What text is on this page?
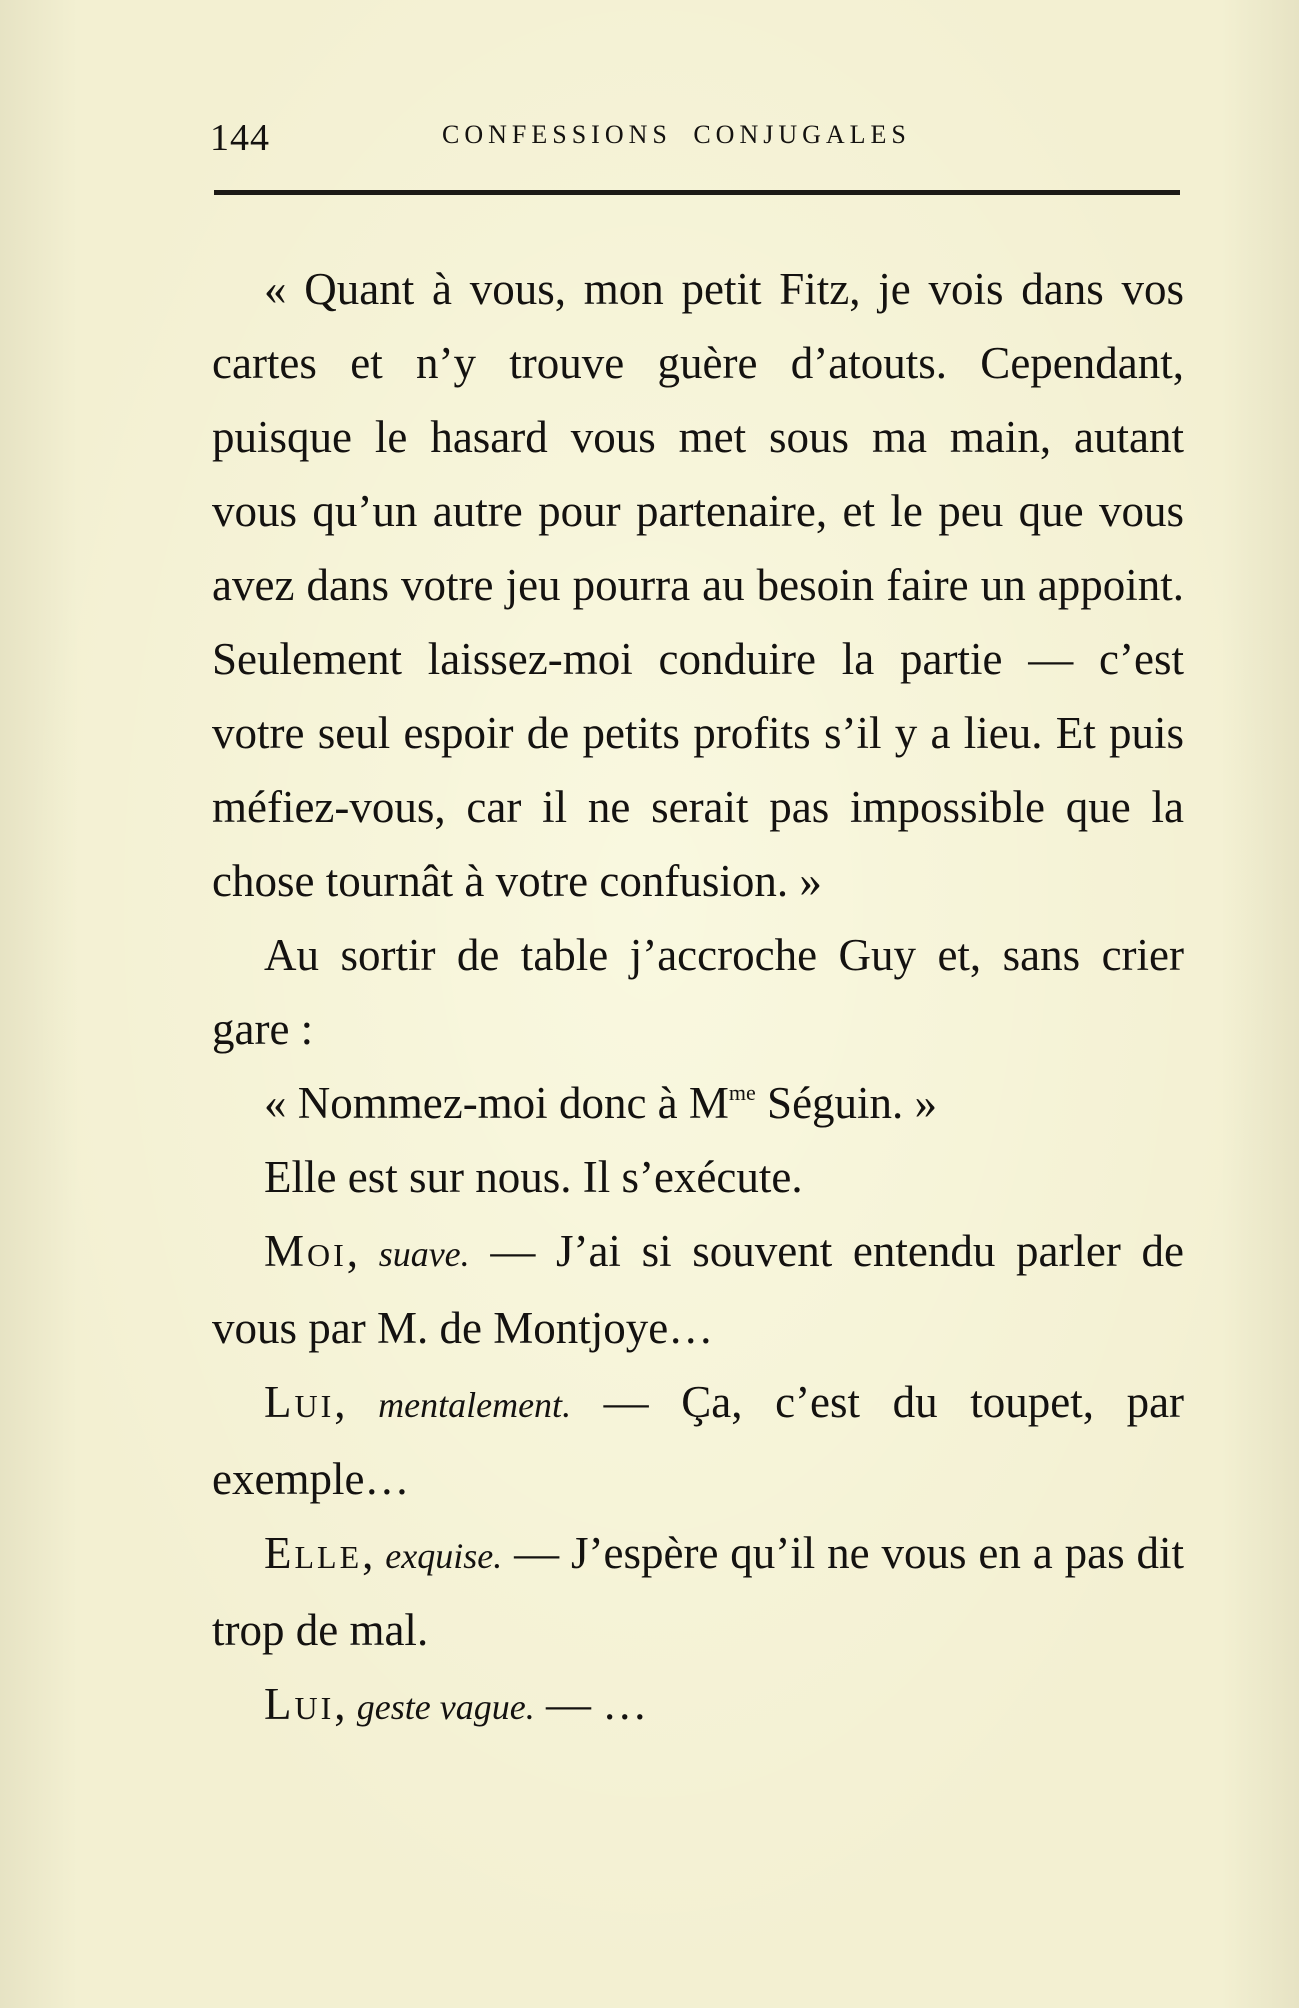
144	CONFESSIONS CONJUGALES

« Quant à vous, mon petit Fitz, je vois dans vos cartes et n’y trouve guère d’atouts. Cependant, puisque le hasard vous met sous ma main, autant vous qu’un autre pour partenaire, et le peu que vous avez dans votre jeu pourra au besoin faire un appoint. Seulement laissez-moi conduire la partie — c’est votre seul espoir de petits profits s’il y a lieu. Et puis méfiez-vous, car il ne serait pas impossible que la chose tournât à votre confusion. »

Au sortir de table j’accroche Guy et, sans crier gare :

« Nommez-moi donc à $M^{me}$ Séguin. »

Elle est sur nous. Il s’exécute.

Moi, suave. — J’ai si souvent entendu parler de vous par M. de Montjoye…

Lui, mentalement. — Ça, c’est du toupet, par exemple…

Elle, exquise. — J’espère qu’il ne vous en a pas dit trop de mal.

Lui, geste vague. — …
